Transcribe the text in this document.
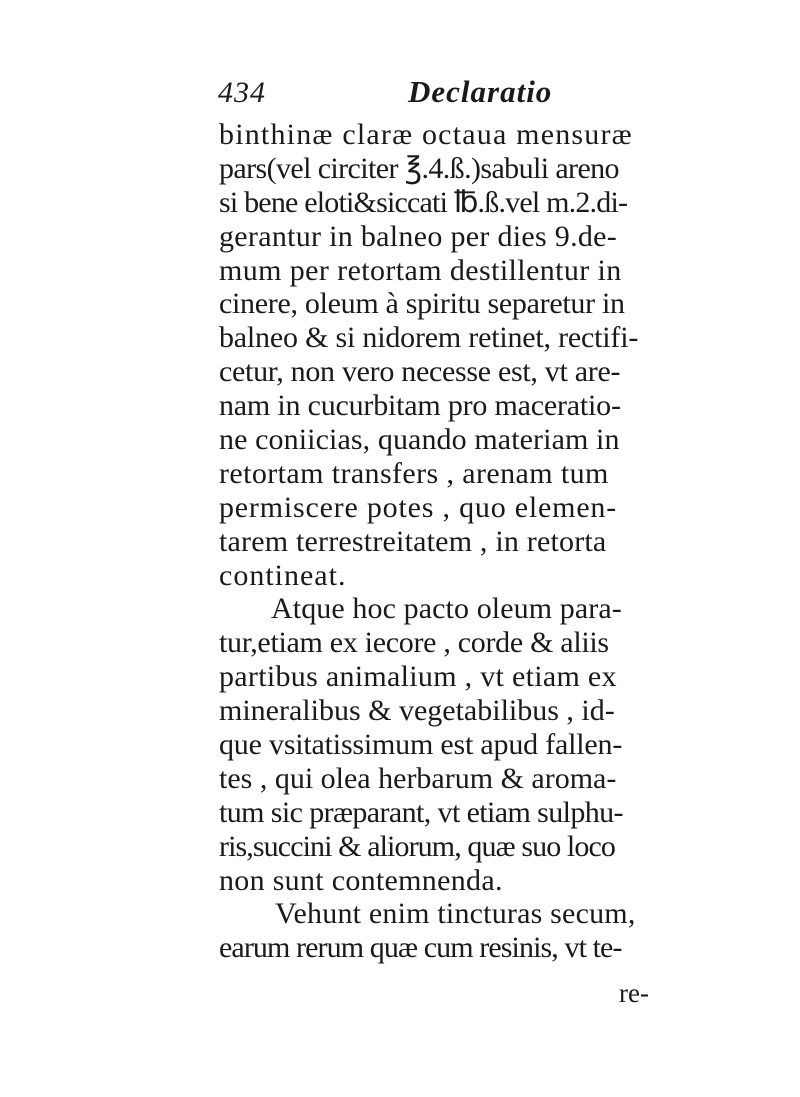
434	Declaratio
binthinæ claræ octaua mensuræ
pars(vel circiter ℥.4.ß.)sabuli areno
si bene eloti&siccati ℔.ß.vel m.2.di-
gerantur in balneo per dies 9.de-
mum per retortam destillentur in
cinere, oleum à spiritu separetur in
balneo & si nidorem retinet, rectifi-
cetur, non vero necesse est, vt are-
nam in cucurbitam pro maceratio-
ne coniicias, quando materiam in
retortam transfers , arenam tum
permiscere potes , quo elemen-
tarem terrestreitatem , in retorta
contineat.
Atque hoc pacto oleum para-
tur,etiam ex iecore , corde & aliis
partibus animalium , vt etiam ex
mineralibus & vegetabilibus , id-
que vsitatissimum est apud fallen-
tes , qui olea herbarum & aroma-
tum sic præparant, vt etiam sulphu-
ris,succini & aliorum, quæ suo loco
non sunt contemnenda.
Vehunt enim tincturas secum,
earum rerum quæ cum resinis, vt te-
re-
